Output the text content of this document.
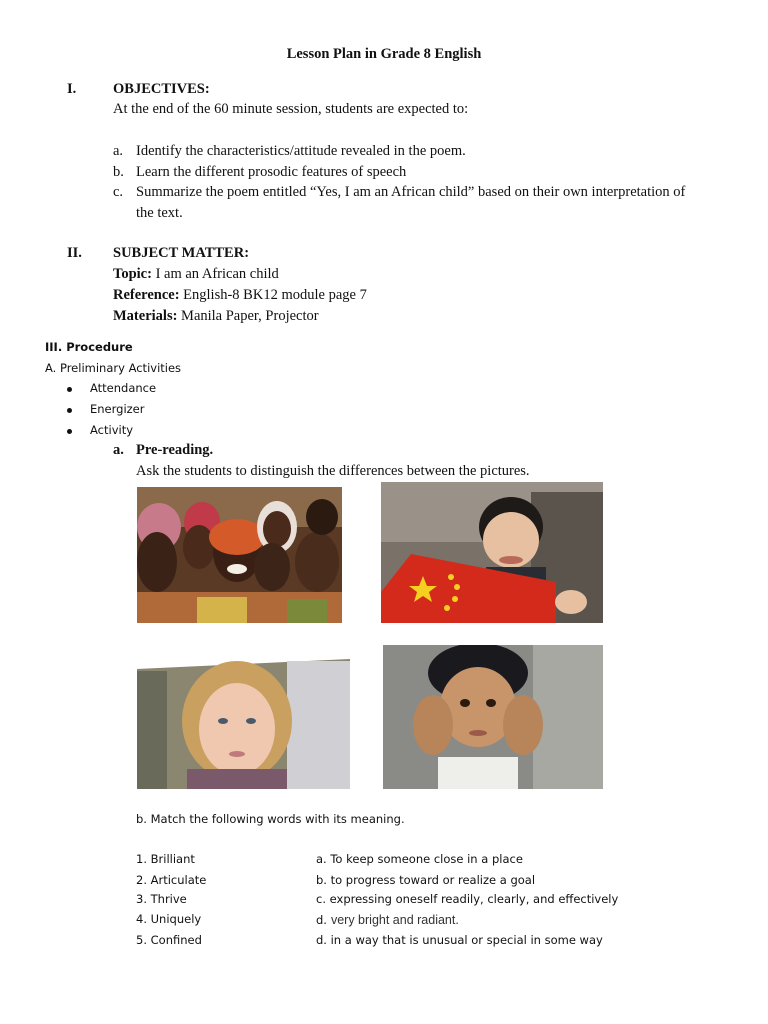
Lesson Plan in Grade 8 English
I.	OBJECTIVES:
At the end of the 60 minute session, students are expected to:
a. Identify the characteristics/attitude revealed in the poem.
b. Learn the different prosodic features of speech
c. Summarize the poem entitled “Yes, I am an African child” based on their own interpretation of
the text.
II. SUBJECT MATTER:
Topic: I am an African child
Reference: English-8 BK12 module page 7
Materials: Manila Paper, Projector
III. Procedure
A. Preliminary Activities
Attendance
Energizer
Activity
a. Pre-reading.
Ask the students to distinguish the differences between the pictures.
b. Match the following words with its meaning.
1. Brilliant
2. Articulate
3. Thrive
4. Uniquely
5. Confined
a. To keep someone close in a place
b. to progress toward or realize a goal
c. expressing oneself readily, clearly, and effectively
d. very bright and radiant.
d. in a way that is unusual or special in some way
